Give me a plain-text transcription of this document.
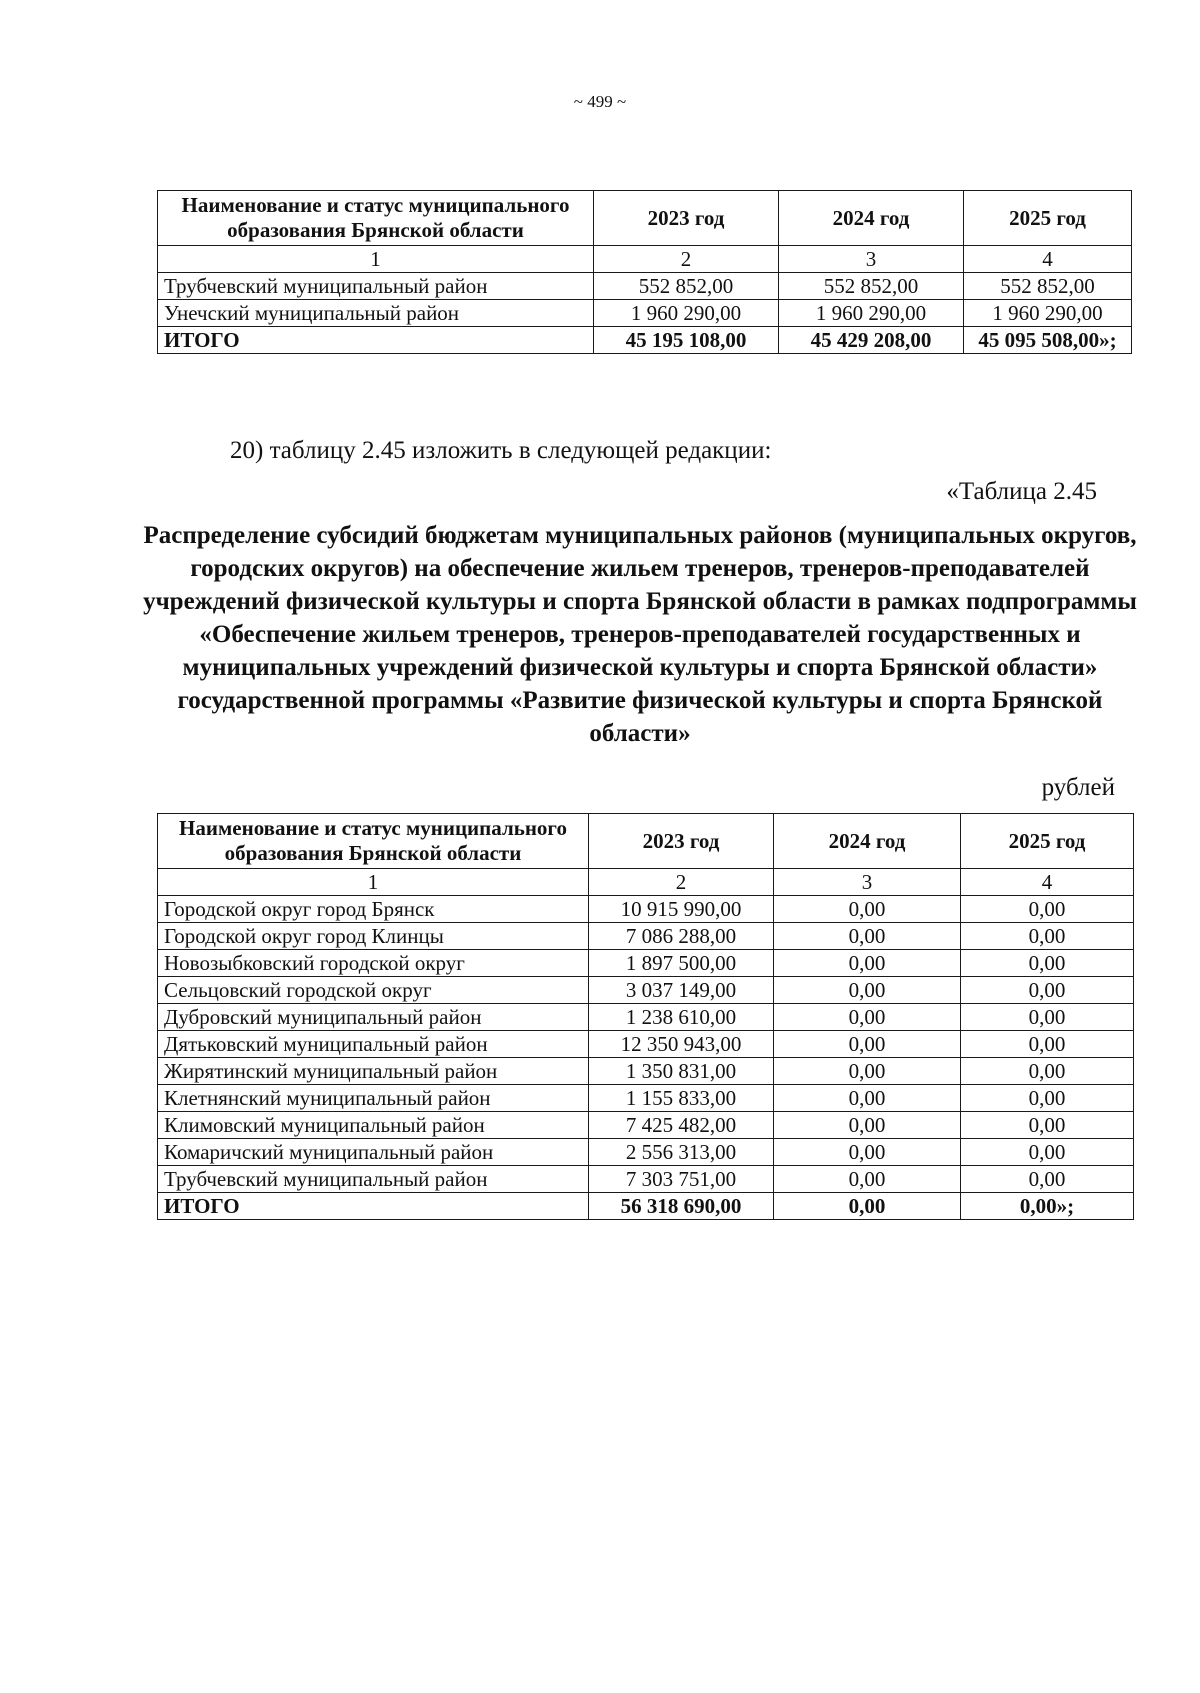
~ 499 ~
Наименование и статус муниципального образования Брянской области	2023 год	2024 год	2025 год
1	2	3	4
Трубчевский муниципальный район	552 852,00	552 852,00	552 852,00
Унечский муниципальный район	1 960 290,00	1 960 290,00	1 960 290,00
ИТОГО	45 195 108,00	45 429 208,00	45 095 508,00»;
20) таблицу 2.45 изложить в следующей редакции:
«Таблица 2.45
Распределение субсидий бюджетам муниципальных районов (муниципальных округов, городских округов) на обеспечение жильем тренеров, тренеров-преподавателей учреждений физической культуры и спорта Брянской области в рамках подпрограммы «Обеспечение жильем тренеров, тренеров-преподавателей государственных и муниципальных учреждений физической культуры и спорта Брянской области» государственной программы «Развитие физической культуры и спорта Брянской области»
рублей
Наименование и статус муниципального образования Брянской области	2023 год	2024 год	2025 год
1	2	3	4
Городской округ город Брянск	10 915 990,00	0,00	0,00
Городской округ город Клинцы	7 086 288,00	0,00	0,00
Новозыбковский городской округ	1 897 500,00	0,00	0,00
Сельцовский городской округ	3 037 149,00	0,00	0,00
Дубровский муниципальный район	1 238 610,00	0,00	0,00
Дятьковский муниципальный район	12 350 943,00	0,00	0,00
Жирятинский муниципальный район	1 350 831,00	0,00	0,00
Клетнянский муниципальный район	1 155 833,00	0,00	0,00
Климовский муниципальный район	7 425 482,00	0,00	0,00
Комаричский муниципальный район	2 556 313,00	0,00	0,00
Трубчевский муниципальный район	7 303 751,00	0,00	0,00
ИТОГО	56 318 690,00	0,00	0,00»;
